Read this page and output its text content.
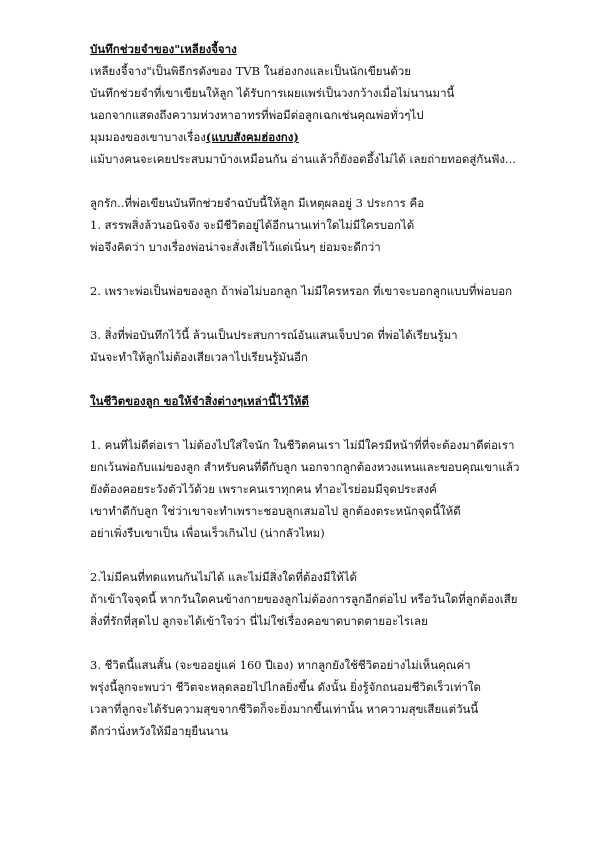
บันทึกช่วยจำของ"เหลียงจี้จาง
เหลียงจี้จาง"เป็นพิธีกรดังของ TVB ในฮ่องกงและเป็นนักเขียนด้วย
บันทึกช่วยจำที่เขาเขียนให้ลูก ได้รับการเผยแพร่เป็นวงกว้างเมื่อไม่นานมานี้
นอกจากแสดงถึงความห่วงหาอาทรที่พ่อมีต่อลูกเฉกเช่นคุณพ่อทั่วๆไป
มุมมองของเขาบางเรื่อง(แบบสังคมฮ่องกง)
แม้บางคนจะเคยประสบมาบ้างเหมือนกัน อ่านแล้วก็ยังอดอึ้งไม่ได้ เลยถ่ายทอดสู่กันฟัง...
ลูกรัก..ที่พ่อเขียนบันทึกช่วยจำฉบับนี้ให้ลูก มีเหตุผลอยู่ 3 ประการ คือ
1. สรรพสิ่งล้วนอนิจจัง จะมีชีวิตอยู่ได้อีกนานเท่าใดไม่มีใครบอกได้
พ่อจึงคิดว่า บางเรื่องพ่อน่าจะสั่งเสียไว้แต่เนิ่นๆ ย่อมจะดีกว่า
2. เพราะพ่อเป็นพ่อของลูก ถ้าพ่อไม่บอกลูก ไม่มีใครหรอก ที่เขาจะบอกลูกแบบที่พ่อบอก
3. สิ่งที่พ่อบันทึกไว้นี้ ล้วนเป็นประสบการณ์อันแสนเจ็บปวด ที่พ่อได้เรียนรู้มา
มันจะทำให้ลูกไม่ต้องเสียเวลาไปเรียนรู้มันอีก
ในชีวิตของลูก ขอให้จำสิ่งต่างๆเหล่านี้ไว้ให้ดี
1. คนที่ไม่ดีต่อเรา ไม่ต้องไปใส่ใจนัก ในชีวิตคนเรา ไม่มีใครมีหน้าที่ที่จะต้องมาดีต่อเรา
ยกเว้นพ่อกับแม่ของลูก สำหรับคนที่ดีกับลูก นอกจากลูกต้องหวงแหนและขอบคุณเขาแล้ว
ยังต้องคอยระวังตัวไว้ด้วย เพราะคนเราทุกคน ทำอะไรย่อมมีจุดประสงค์
เขาทำดีกับลูก ใช่ว่าเขาจะทำเพราะชอบลูกเสมอไป ลูกต้องตระหนักจุดนี้ให้ดี
อย่าเพิ่งรีบเขาเป็น เพื่อนเร็วเกินไป (น่ากลัวไหม)
2.ไม่มีคนที่ทดแทนกันไม่ได้ และไม่มีสิ่งใดที่ต้องมีให้ได้
ถ้าเข้าใจจุดนี้ หากวันใดคนข้างกายของลูกไม่ต้องการลูกอีกต่อไป หรือวันใดที่ลูกต้องเสีย
สิ่งที่รักที่สุดไป ลูกจะได้เข้าใจว่า นี่ไม่ใช่เรื่องคอขาดบาดตายอะไรเลย
3. ชีวิตนี้แสนสั้น (จะขออยู่แค่ 160 ปีเอง) หากลูกยังใช้ชีวิตอย่างไม่เห็นคุณค่า
พรุ่งนี้ลูกจะพบว่า ชีวิตจะหลุดลอยไปไกลยิ่งขึ้น ดังนั้น ยิ่งรู้จักถนอมชีวิตเร็วเท่าใด
เวลาที่ลูกจะได้รับความสุขจากชีวิตก็จะยิ่งมากขึ้นเท่านั้น หาความสุขเสียแต่วันนี้
ดีกว่านั่งหวังให้มีอายุยืนนาน
